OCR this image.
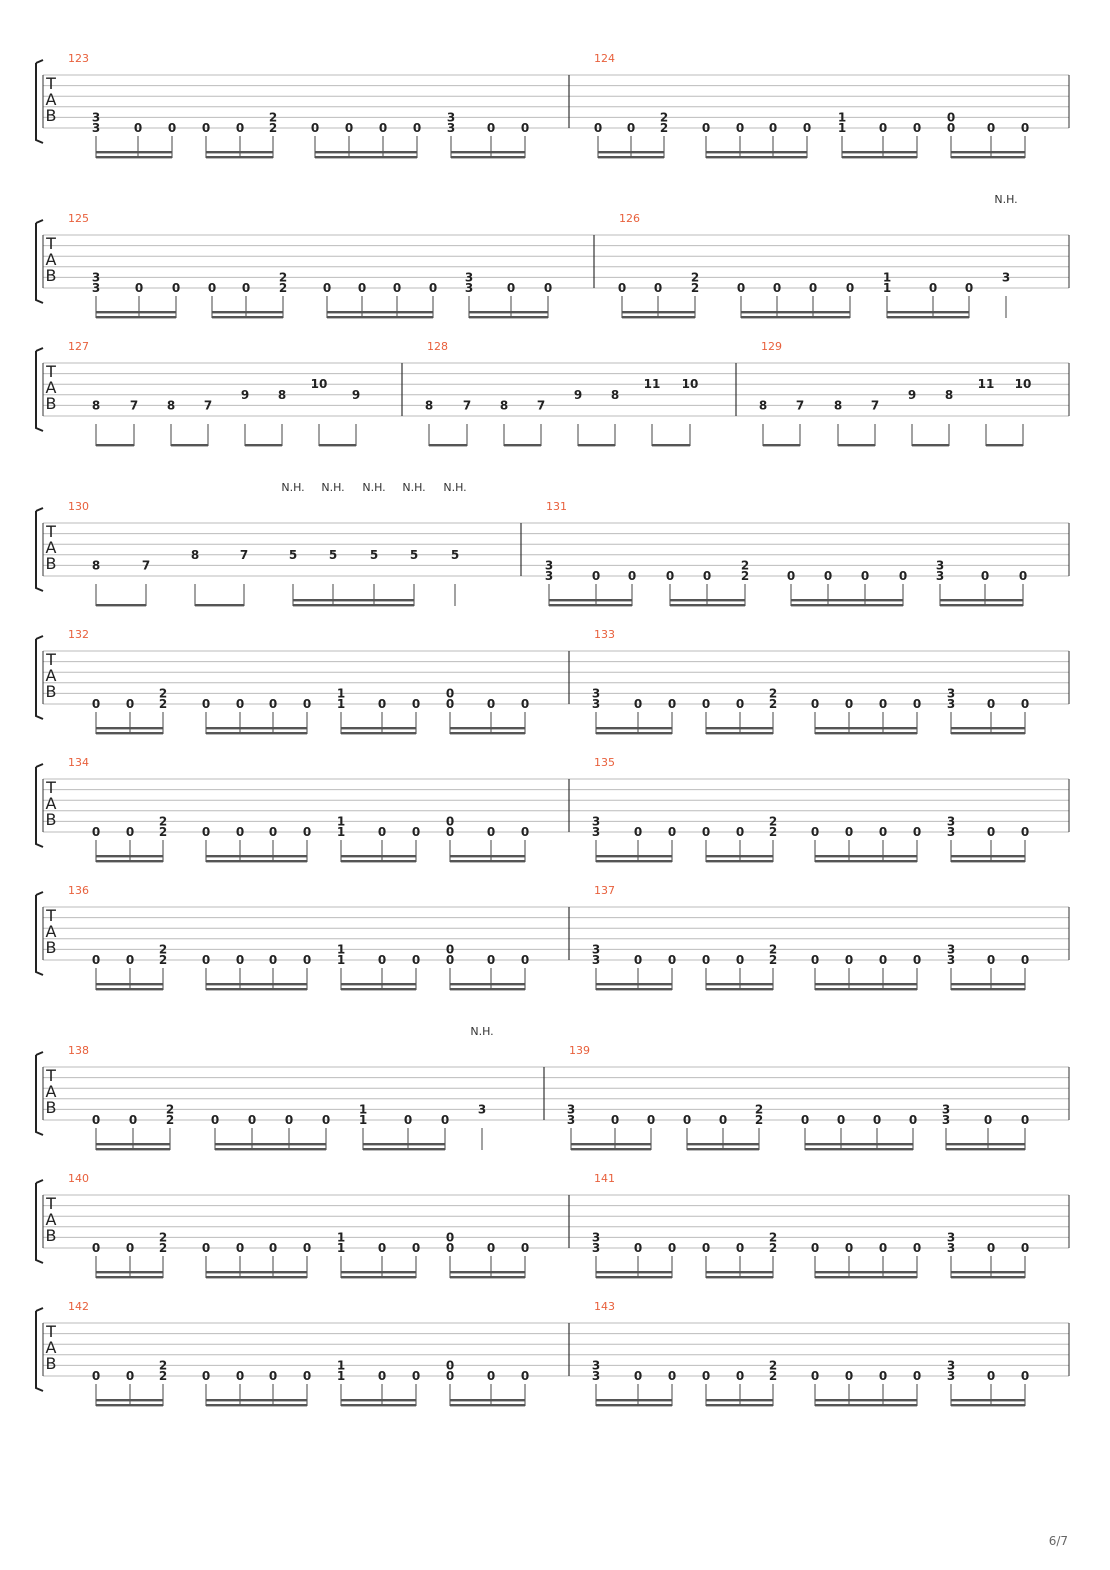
T
A
B
123
3
3	0 0 0 0
2
2	0 0 0 0
3
3	0 0
124
0 0
2
2	0 0 0 0
1
1	0 0
0
0	0 0
T
A
B
125
3
3	0 0 0 0
2
2	0 0 0 0
3
3	0 0
126
0 0
2
2	0 0 0 0
1
1	0 0
3
N.H.
T
A
B
127
8 7 8 7
9 8
10
9
128
8 7 8 7
9 8
11 10
129
8 7 8 7
9 8
11 10
T
A
B
130
8	7
8	7	5
N.H.
5
N.H.
5
N.H.
5
N.H.
5
N.H.
131
3
3	0 0 0 0
2
2	0 0 0 0
3
3	0 0
T
A
B
132
0 0
2
2	0 0 0 0
1
1	0 0
0
0	0 0
133
3
3	0 0 0 0
2
2	0 0 0 0
3
3	0 0
T
A
B
134
0 0
2
2	0 0 0 0
1
1	0 0
0
0	0 0
135
3
3	0 0 0 0
2
2	0 0 0 0
3
3	0 0
T
A
B
136
0 0
2
2	0 0 0 0
1
1	0 0
0
0	0 0
137
3
3	0 0 0 0
2
2	0 0 0 0
3
3	0 0
T
A
B
138
0 0
2
2	0 0 0 0
1
1	0 0
3
N.H.
139
3
3	0 0 0 0
2
2	0 0 0 0
3
3	0 0
T
A
B
140
0 0
2
2	0 0 0 0
1
1	0 0
0
0	0 0
141
3
3	0 0 0 0
2
2	0 0 0 0
3
3	0 0
T
A
B
142
0 0
2
2	0 0 0 0
1
1	0 0
0
0	0 0
143
3
3	0 0 0 0
2
2	0 0 0 0
3
3	0 0
6/7
